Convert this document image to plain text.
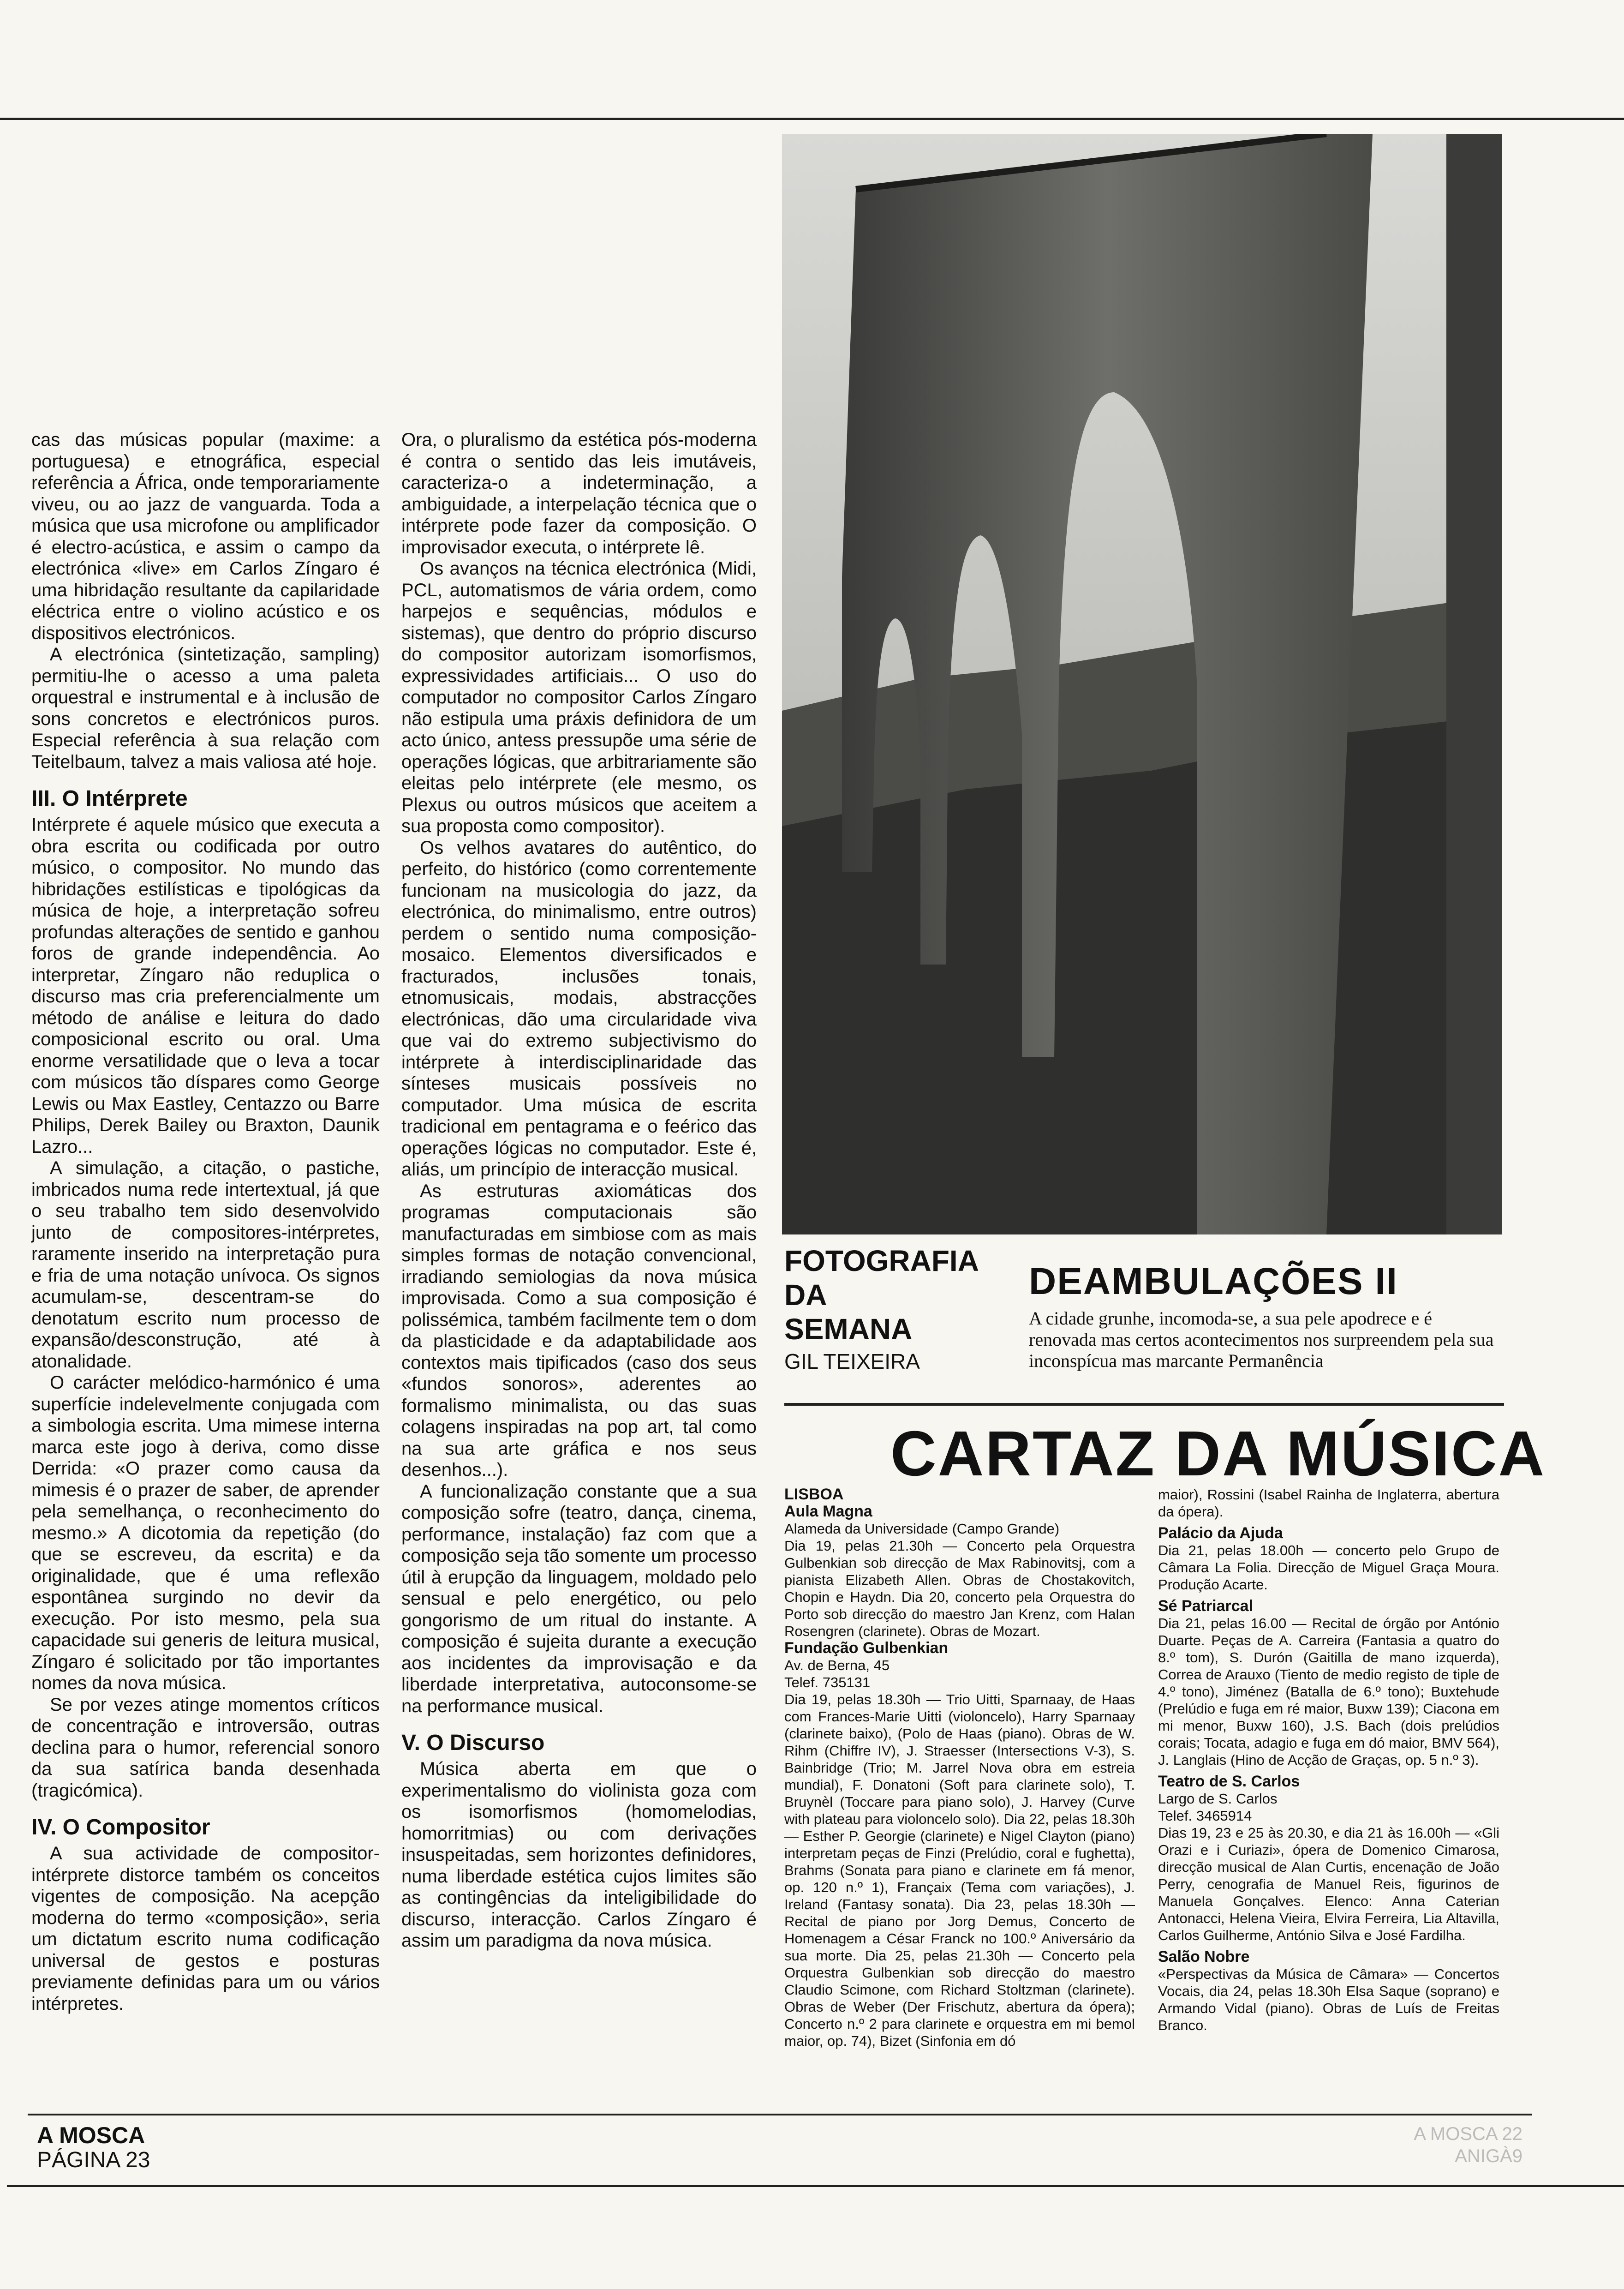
cas das músicas popular (maxime: a portuguesa) e etnográfica, especial referência a África, onde temporariamente viveu, ou ao jazz de vanguarda. Toda a música que usa microfone ou amplificador é electro-acústica, e assim o campo da electrónica «live» em Carlos Zíngaro é uma hibridação resultante da capilaridade eléctrica entre o violino acústico e os dispositivos electrónicos.

A electrónica (sintetização, sampling) permitiu-lhe o acesso a uma paleta orquestral e instrumental e à inclusão de sons concretos e electrónicos puros. Especial referência à sua relação com Teitelbaum, talvez a mais valiosa até hoje.

III. O Intérprete

Intérprete é aquele músico que executa a obra escrita ou codificada por outro músico, o compositor. No mundo das hibridações estilísticas e tipológicas da música de hoje, a interpretação sofreu profundas alterações de sentido e ganhou foros de grande independência. Ao interpretar, Zíngaro não reduplica o discurso mas cria preferencialmente um método de análise e leitura do dado composicional escrito ou oral. Uma enorme versatilidade que o leva a tocar com músicos tão díspares como George Lewis ou Max Eastley, Centazzo ou Barre Philips, Derek Bailey ou Braxton, Daunik Lazro...

A simulação, a citação, o pastiche, imbricados numa rede intertextual, já que o seu trabalho tem sido desenvolvido junto de compositores-intérpretes, raramente inserido na interpretação pura e fria de uma notação unívoca. Os signos acumulam-se, descentram-se do denotatum escrito num processo de expansão/desconstrução, até à atonalidade.

O carácter melódico-harmónico é uma superfície indelevelmente conjugada com a simbologia escrita. Uma mimese interna marca este jogo à deriva, como disse Derrida: «O prazer como causa da mimesis é o prazer de saber, de aprender pela semelhança, o reconhecimento do mesmo.» A dicotomia da repetição (do que se escreveu, da escrita) e da originalidade, que é uma reflexão espontânea surgindo no devir da execução. Por isto mesmo, pela sua capacidade sui generis de leitura musical, Zíngaro é solicitado por tão importantes nomes da nova música.

Se por vezes atinge momentos críticos de concentração e introversão, outras declina para o humor, referencial sonoro da sua satírica banda desenhada (tragicómica).

IV. O Compositor

A sua actividade de compositor-intérprete distorce também os conceitos vigentes de composição. Na acepção moderna do termo «composição», seria um dictatum escrito numa codificação universal de gestos e posturas previamente definidas para um ou vários intérpretes.

Ora, o pluralismo da estética pós-moderna é contra o sentido das leis imutáveis, caracteriza-o a indeterminação, a ambiguidade, a interpelação técnica que o intérprete pode fazer da composição. O improvisador executa, o intérprete lê.

Os avanços na técnica electrónica (Midi, PCL, automatismos de vária ordem, como harpejos e sequências, módulos e sistemas), que dentro do próprio discurso do compositor autorizam isomorfismos, expressividades artificiais... O uso do computador no compositor Carlos Zíngaro não estipula uma práxis definidora de um acto único, antess pressupõe uma série de operações lógicas, que arbitrariamente são eleitas pelo intérprete (ele mesmo, os Plexus ou outros músicos que aceitem a sua proposta como compositor).

Os velhos avatares do autêntico, do perfeito, do histórico (como correntemente funcionam na musicologia do jazz, da electrónica, do minimalismo, entre outros) perdem o sentido numa composição-mosaico. Elementos diversificados e fracturados, inclusões tonais, etnomusicais, modais, abstracções electrónicas, dão uma circularidade viva que vai do extremo subjectivismo do intérprete à interdisciplinaridade das sínteses musicais possíveis no computador. Uma música de escrita tradicional em pentagrama e o feérico das operações lógicas no computador. Este é, aliás, um princípio de interacção musical.

As estruturas axiomáticas dos programas computacionais são manufacturadas em simbiose com as mais simples formas de notação convencional, irradiando semiologias da nova música improvisada. Como a sua composição é polissémica, também facilmente tem o dom da plasticidade e da adaptabilidade aos contextos mais tipificados (caso dos seus «fundos sonoros», aderentes ao formalismo minimalista, ou das suas colagens inspiradas na pop art, tal como na sua arte gráfica e nos seus desenhos...).

A funcionalização constante que a sua composição sofre (teatro, dança, cinema, performance, instalação) faz com que a composição seja tão somente um processo útil à erupção da linguagem, moldado pelo sensual e pelo energético, ou pelo gongorismo de um ritual do instante. A composição é sujeita durante a execução aos incidentes da improvisação e da liberdade interpretativa, autoconsome-se na performance musical.

V. O Discurso

Música aberta em que o experimentalismo do violinista goza com os isomorfismos (homomelodias, homorritmias) ou com derivações insuspeitadas, sem horizontes definidores, numa liberdade estética cujos limites são as contingências da inteligibilidade do discurso, interacção. Carlos Zíngaro é assim um paradigma da nova música.

FOTOGRAFIA
DA
SEMANA
GIL TEIXEIRA
DEAMBULAÇÕES II
A cidade grunhe, incomoda-se, a sua pele apodrece e é renovada mas certos acontecimentos nos surpreendem pela sua inconspícua mas marcante Permanência
CARTAZ DA MÚSICA
LISBOA
Aula Magna
Alameda da Universidade (Campo Grande)

Dia 19, pelas 21.30h — Concerto pela Orquestra Gulbenkian sob direcção de Max Rabinovitsj, com a pianista Elizabeth Allen. Obras de Chostakovitch, Chopin e Haydn. Dia 20, concerto pela Orquestra do Porto sob direcção do maestro Jan Krenz, com Halan Rosengren (clarinete). Obras de Mozart.

Fundação Gulbenkian
Av. de Berna, 45
Telef. 735131

Dia 19, pelas 18.30h — Trio Uitti, Sparnaay, de Haas com Frances-Marie Uitti (violoncelo), Harry Sparnaay (clarinete baixo), (Polo de Haas (piano). Obras de W. Rihm (Chiffre IV), J. Straesser (Intersections V-3), S. Bainbridge (Trio; M. Jarrel Nova obra em estreia mundial), F. Donatoni (Soft para clarinete solo), T. Bruynèl (Toccare para piano solo), J. Harvey (Curve with plateau para violoncelo solo). Dia 22, pelas 18.30h — Esther P. Georgie (clarinete) e Nigel Clayton (piano) interpretam peças de Finzi (Prelúdio, coral e fughetta), Brahms (Sonata para piano e clarinete em fá menor, op. 120 n.º 1), Françaix (Tema com variações), J. Ireland (Fantasy sonata). Dia 23, pelas 18.30h — Recital de piano por Jorg Demus, Concerto de Homenagem a César Franck no 100.º Aniversário da sua morte. Dia 25, pelas 21.30h — Concerto pela Orquestra Gulbenkian sob direcção do maestro Claudio Scimone, com Richard Stoltzman (clarinete). Obras de Weber (Der Frischutz, abertura da ópera); Concerto n.º 2 para clarinete e orquestra em mi bemol maior, op. 74), Bizet (Sinfonia em dó

maior), Rossini (Isabel Rainha de Inglaterra, abertura da ópera).

Palácio da Ajuda

Dia 21, pelas 18.00h — concerto pelo Grupo de Câmara La Folia. Direcção de Miguel Graça Moura. Produção Acarte.

Sé Patriarcal

Dia 21, pelas 16.00 — Recital de órgão por António Duarte. Peças de A. Carreira (Fantasia a quatro do 8.º tom), S. Durón (Gaitilla de mano izquerda), Correa de Arauxo (Tiento de medio registo de tiple de 4.º tono), Jiménez (Batalla de 6.º tono); Buxtehude (Prelúdio e fuga em ré maior, Buxw 139); Ciacona em mi menor, Buxw 160), J.S. Bach (dois prelúdios corais; Tocata, adagio e fuga em dó maior, BMV 564), J. Langlais (Hino de Acção de Graças, op. 5 n.º 3).

Teatro de S. Carlos
Largo de S. Carlos
Telef. 3465914

Dias 19, 23 e 25 às 20.30, e dia 21 às 16.00h — «Gli Orazi e i Curiazi», ópera de Domenico Cimarosa, direcção musical de Alan Curtis, encenação de João Perry, cenografia de Manuel Reis, figurinos de Manuela Gonçalves. Elenco: Anna Caterian Antonacci, Helena Vieira, Elvira Ferreira, Lia Altavilla, Carlos Guilherme, António Silva e José Fardilha.

Salão Nobre

«Perspectivas da Música de Câmara» — Concertos Vocais, dia 24, pelas 18.30h Elsa Saque (soprano) e Armando Vidal (piano). Obras de Luís de Freitas Branco.

A MOSCA
PÁGINA 23
A MOSCA 22 ANIGÀ9
